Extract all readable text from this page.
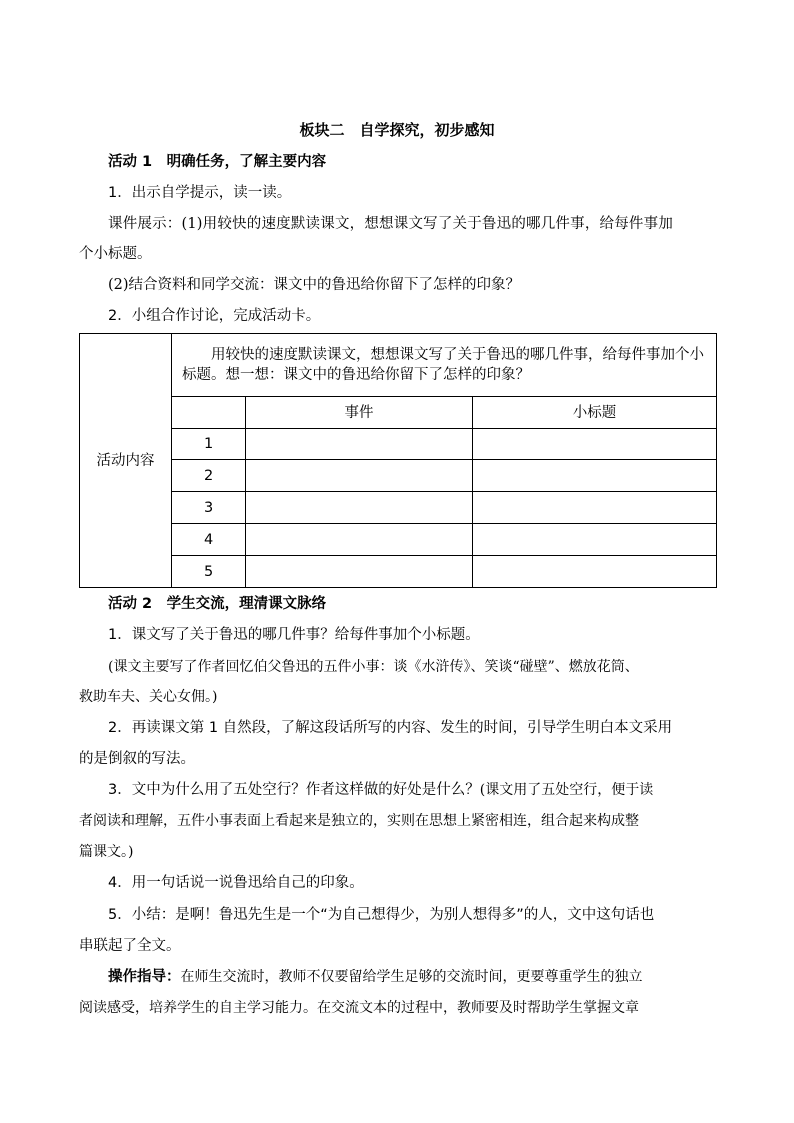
板块二　自学探究，初步感知
活动 1　明确任务，了解主要内容
1．出示自学提示，读一读。
课件展示：(1)用较快的速度默读课文，想想课文写了关于鲁迅的哪几件事，给每件事加
个小标题。
(2)结合资料和同学交流：课文中的鲁迅给你留下了怎样的印象？
2．小组合作讨论，完成活动卡。
活动内容	用较快的速度默读课文，想想课文写了关于鲁迅的哪几件事，给每件事加个小标题。想一想：课文中的鲁迅给你留下了怎样的印象？		
		事件	小标题
	1		
	2		
	3		
	4		
	5		
活动 2　学生交流，理清课文脉络
1．课文写了关于鲁迅的哪几件事？给每件事加个小标题。
(课文主要写了作者回忆伯父鲁迅的五件小事：谈《水浒传》、笑谈“碰壁”、燃放花筒、
救助车夫、关心女佣。)
2．再读课文第 1 自然段，了解这段话所写的内容、发生的时间，引导学生明白本文采用
的是倒叙的写法。
3．文中为什么用了五处空行？作者这样做的好处是什么？(课文用了五处空行，便于读
者阅读和理解，五件小事表面上看起来是独立的，实则在思想上紧密相连，组合起来构成整
篇课文。)
4．用一句话说一说鲁迅给自己的印象。
5．小结：是啊！鲁迅先生是一个“为自己想得少，为别人想得多”的人，文中这句话也
串联起了全文。
操作指导：在师生交流时，教师不仅要留给学生足够的交流时间，更要尊重学生的独立
阅读感受，培养学生的自主学习能力。在交流文本的过程中，教师要及时帮助学生掌握文章
